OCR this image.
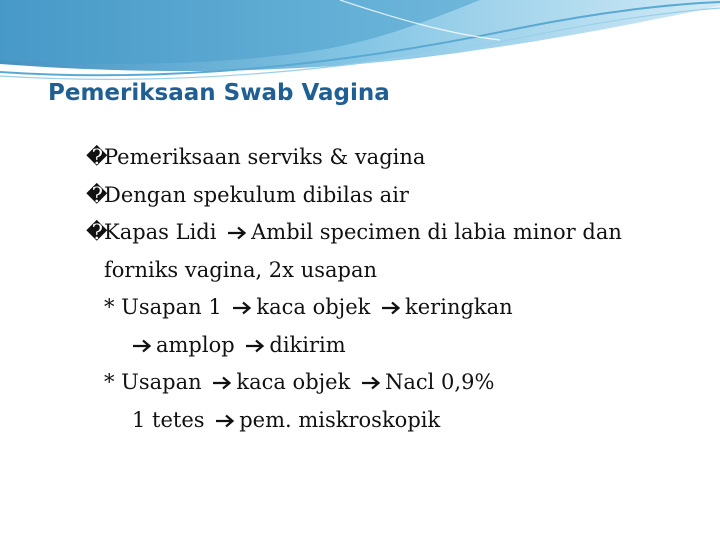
Pemeriksaan Swab Vagina
�Pemeriksaan serviks & vagina
�Dengan spekulum dibilas air
�Kapas Lidi Ambil specimen di labia minor dan
forniks vagina, 2x usapan
* Usapan 1 kaca objek keringkan
amplop dikirim
* Usapan kaca objek Nacl 0,9%
1 tetes pem. miskroskopik
